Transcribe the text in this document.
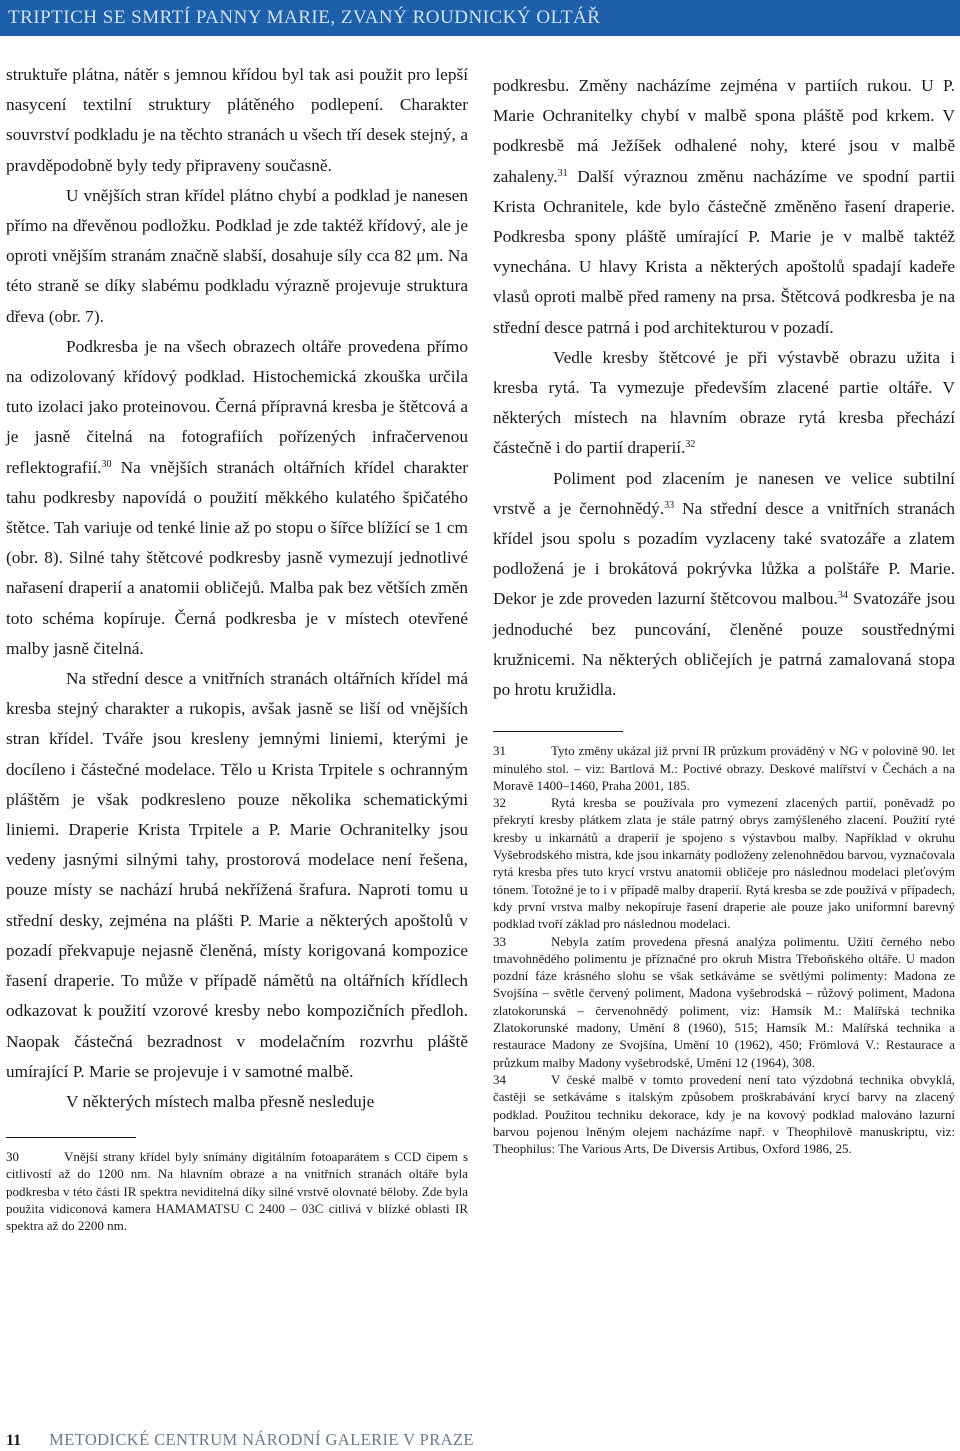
TRIPTICH SE SMRTÍ PANNY MARIE, ZVANÝ ROUDNICKÝ OLTÁŘ

struktuře plátna, nátěr s jemnou křídou byl tak asi použit pro lepší nasycení textilní struktury plátěného podlepení. Charakter souvrství podkladu je na těchto stranách u všech tří desek stejný, a pravděpodobně byly tedy připraveny současně.

U vnějších stran křídel plátno chybí a podklad je nanesen přímo na dřevěnou podložku. Podklad je zde taktéž křídový, ale je oproti vnějším stranám značně slabší, dosahuje síly cca 82 μm. Na této straně se díky slabému podkladu výrazně projevuje struktura dřeva (obr. 7).

Podkresba je na všech obrazech oltáře provedena přímo na odizolovaný křídový podklad. Histochemická zkouška určila tuto izolaci jako proteinovou. Černá přípravná kresba je štětcová a je jasně čitelná na fotografiích pořízených infračervenou reflektografií.$^{30}$ Na vnějších stranách oltářních křídel charakter tahu podkresby napovídá o použití měkkého kulatého špičatého štětce. Tah variuje od tenké linie až po stopu o šířce blížící se 1 cm (obr. 8). Silné tahy štětcové podkresby jasně vymezují jednotlivé nařasení draperií a anatomii obličejů. Malba pak bez větších změn toto schéma kopíruje. Černá podkresba je v místech otevřené malby jasně čitelná.

Na střední desce a vnitřních stranách oltářních křídel má kresba stejný charakter a rukopis, avšak jasně se liší od vnějších stran křídel. Tváře jsou kresleny jemnými liniemi, kterými je docíleno i částečné modelace. Tělo u Krista Trpitele s ochranným pláštěm je však podkresleno pouze několika schematickými liniemi. Draperie Krista Trpitele a P. Marie Ochranitelky jsou vedeny jasnými silnými tahy, prostorová modelace není řešena, pouze místy se nachází hrubá nekřížená šrafura. Naproti tomu u střední desky, zejména na plášti P. Marie a některých apoštolů v pozadí překvapuje nejasně členěná, místy korigovaná kompozice řasení draperie. To může v případě námětů na oltářních křídlech odkazovat k použití vzorové kresby nebo kompozičních předloh. Naopak částečná bezradnost v modelačním rozvrhu pláště umírající P. Marie se projevuje i v samotné malbě.

V některých místech malba přesně nesleduje

30	Vnější strany křídel byly snímány digitálním fotoaparátem s CCD čipem s citlivostí až do 1200 nm. Na hlavním obraze a na vnitřních stranách oltáře byla podkresba v této části IR spektra neviditelná díky silné vrstvě olovnaté běloby. Zde byla použita vidiconová kamera HAMAMATSU C 2400 – 03C citlivá v blízké oblasti IR spektra až do 2200 nm.

podkresbu. Změny nacházíme zejména v partiích rukou. U P. Marie Ochranitelky chybí v malbě spona pláště pod krkem. V podkresbě má Ježíšek odhalené nohy, které jsou v malbě zahaleny.$^{31}$ Další výraznou změnu nacházíme ve spodní partii Krista Ochranitele, kde bylo částečně změněno řasení draperie. Podkresba spony pláště umírající P. Marie je v malbě taktéž vynechána. U hlavy Krista a některých apoštolů spadají kadeře vlasů oproti malbě před rameny na prsa. Štětcová podkresba je na střední desce patrná i pod architekturou v pozadí.

Vedle kresby štětcové je při výstavbě obrazu užita i kresba rytá. Ta vymezuje především zlacené partie oltáře. V některých místech na hlavním obraze rytá kresba přechází částečně i do partií draperií.$^{32}$

Poliment pod zlacením je nanesen ve velice subtilní vrstvě a je černohnědý.$^{33}$ Na střední desce a vnitřních stranách křídel jsou spolu s pozadím vyzlaceny také svatozáře a zlatem podložená je i brokátová pokrývka lůžka a polštáře P. Marie. Dekor je zde proveden lazurní štětcovou malbou.$^{34}$ Svatozáře jsou jednoduché bez puncování, členěné pouze soustřednými kružnicemi. Na některých obličejích je patrná zamalovaná stopa po hrotu kružidla.

31	Tyto změny ukázal již první IR průzkum prováděný v NG v polovině 90. let minulého stol. – viz: Bartlová M.: Poctivé obrazy. Deskové malířství v Čechách a na Moravě 1400–1460, Praha 2001, 185.

32	Rytá kresba se používala pro vymezení zlacených partií, poněvadž po překrytí kresby plátkem zlata je stále patrný obrys zamýšleného zlacení. Použití ryté kresby u inkarnátů a draperií je spojeno s výstavbou malby. Například v okruhu Vyšebrodského mistra, kde jsou inkarnáty podloženy zelenohnědou barvou, vyznačovala rytá kresba přes tuto krycí vrstvu anatomii obličeje pro následnou modelaci pleťovým tónem. Totožné je to i v případě malby draperií. Rytá kresba se zde používá v případech, kdy první vrstva malby nekopíruje řasení draperie ale pouze jako uniformní barevný podklad tvoří základ pro následnou modelaci.

33	Nebyla zatím provedena přesná analýza polimentu. Užití černého nebo tmavohnědého polimentu je příznačné pro okruh Mistra Třeboňského oltáře. U madon pozdní fáze krásného slohu se však setkáváme se světlými polimenty: Madona ze Svojšína – světle červený poliment, Madona vyšebrodská – růžový poliment, Madona zlatokorunská – červenohnědý poliment, viz: Hamsík M.: Malířská technika Zlatokorunské madony, Umění 8 (1960), 515; Hamsík M.: Malířská technika a restaurace Madony ze Svojšína, Umění 10 (1962), 450; Frömlová V.: Restaurace a průzkum malby Madony vyšebrodské, Umění 12 (1964), 308.

34	V české malbě v tomto provedení není tato výzdobná technika obvyklá, častěji se setkáváme s italským způsobem proškrabávání krycí barvy na zlacený podklad. Použitou techniku dekorace, kdy je na kovový podklad malováno lazurní barvou pojenou lněným olejem nacházíme např. v Theophilově manuskriptu, viz: Theophilus: The Various Arts, De Diversis Artibus, Oxford 1986, 25.

11 METODICKÉ CENTRUM NÁRODNÍ GALERIE V PRAZE
